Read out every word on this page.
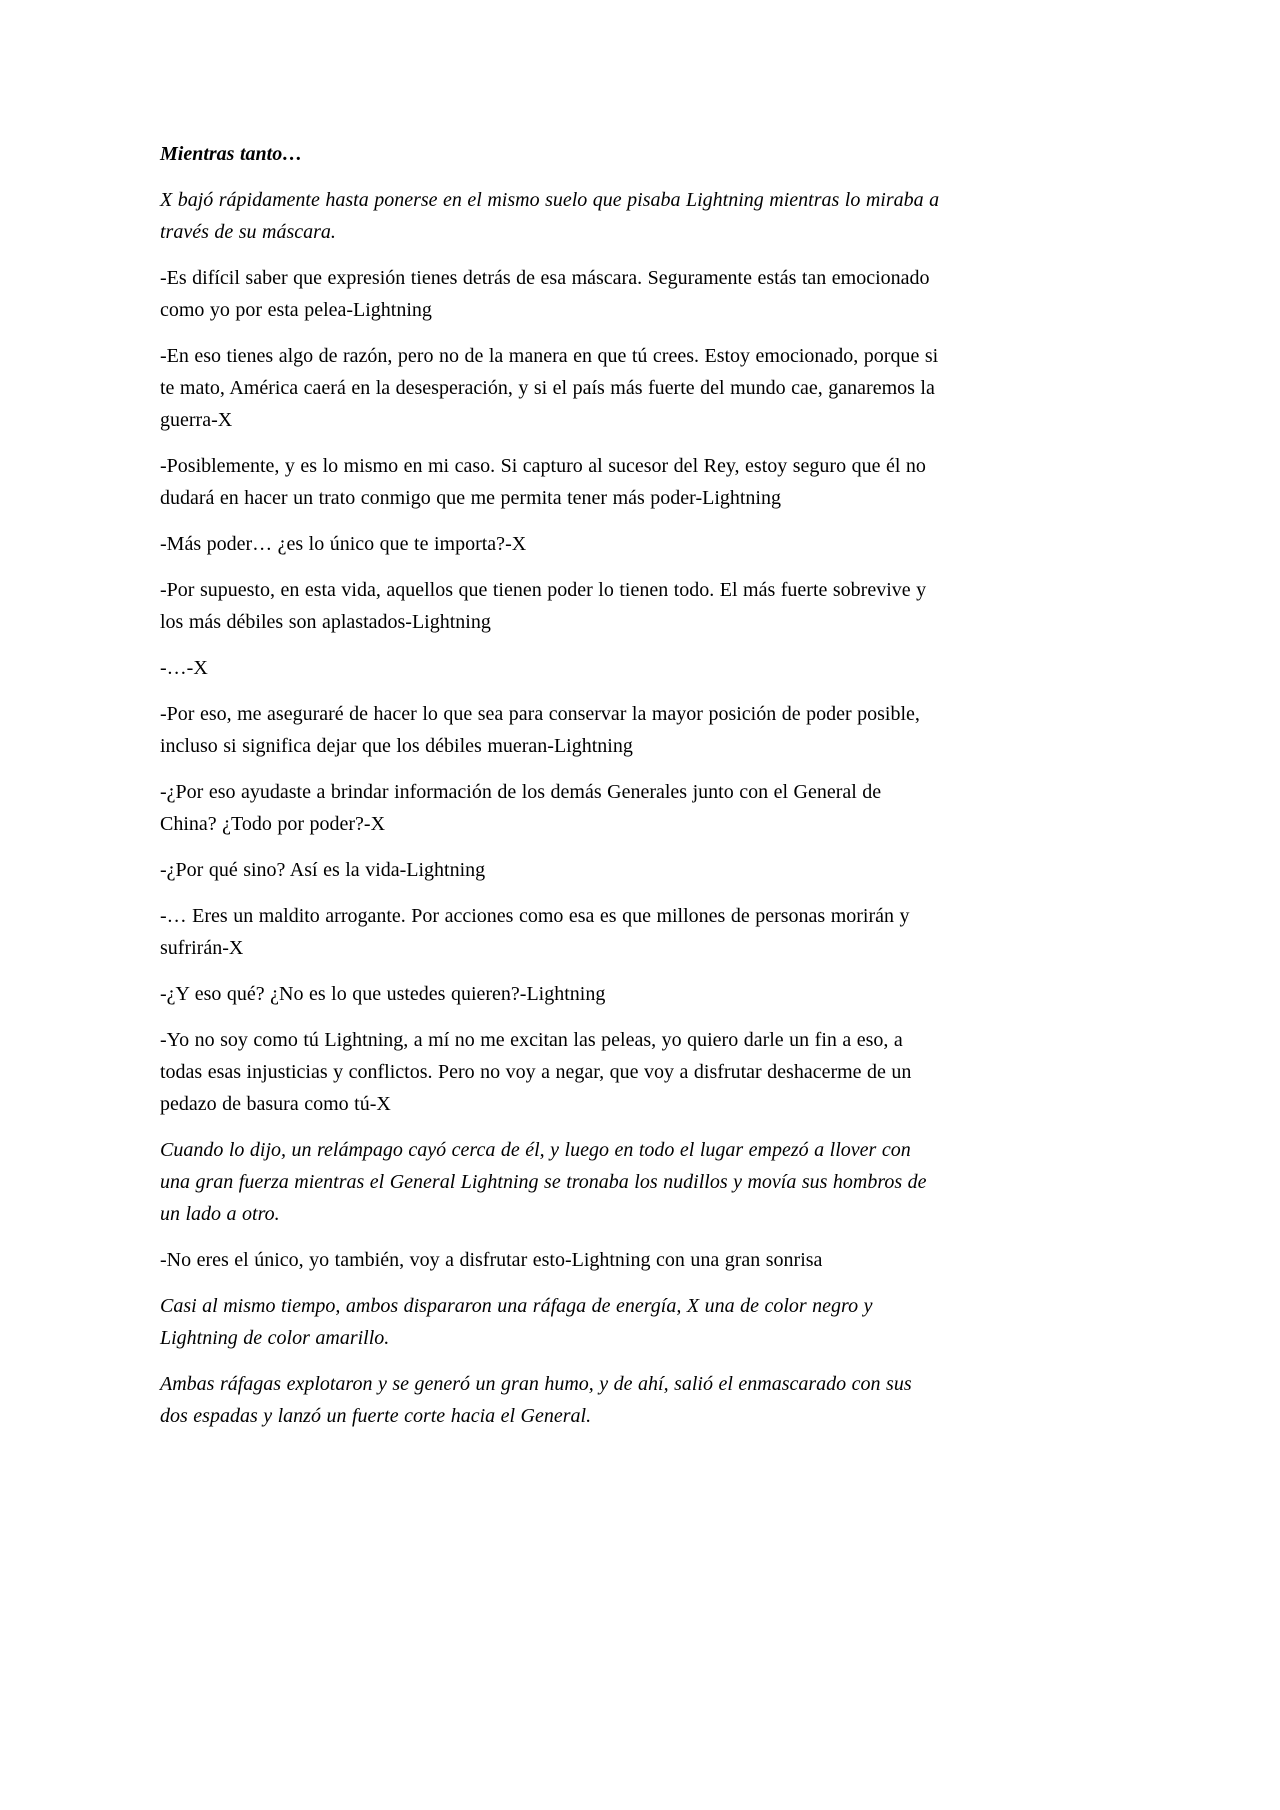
Mientras tanto…

X bajó rápidamente hasta ponerse en el mismo suelo que pisaba Lightning mientras lo miraba a través de su máscara.

-Es difícil saber que expresión tienes detrás de esa máscara. Seguramente estás tan emocionado como yo por esta pelea-Lightning

-En eso tienes algo de razón, pero no de la manera en que tú crees. Estoy emocionado, porque si te mato, América caerá en la desesperación, y si el país más fuerte del mundo cae, ganaremos la guerra-X

-Posiblemente, y es lo mismo en mi caso. Si capturo al sucesor del Rey, estoy seguro que él no dudará en hacer un trato conmigo que me permita tener más poder-Lightning

-Más poder… ¿es lo único que te importa?-X

-Por supuesto, en esta vida, aquellos que tienen poder lo tienen todo. El más fuerte sobrevive y los más débiles son aplastados-Lightning

-…-X

-Por eso, me aseguraré de hacer lo que sea para conservar la mayor posición de poder posible, incluso si significa dejar que los débiles mueran-Lightning

-¿Por eso ayudaste a brindar información de los demás Generales junto con el General de China? ¿Todo por poder?-X

-¿Por qué sino? Así es la vida-Lightning

-… Eres un maldito arrogante. Por acciones como esa es que millones de personas morirán y sufrirán-X

-¿Y eso qué? ¿No es lo que ustedes quieren?-Lightning

-Yo no soy como tú Lightning, a mí no me excitan las peleas, yo quiero darle un fin a eso, a todas esas injusticias y conflictos. Pero no voy a negar, que voy a disfrutar deshacerme de un pedazo de basura como tú-X

Cuando lo dijo, un relámpago cayó cerca de él, y luego en todo el lugar empezó a llover con una gran fuerza mientras el General Lightning se tronaba los nudillos y movía sus hombros de un lado a otro.

-No eres el único, yo también, voy a disfrutar esto-Lightning con una gran sonrisa

Casi al mismo tiempo, ambos dispararon una ráfaga de energía, X una de color negro y Lightning de color amarillo.

Ambas ráfagas explotaron y se generó un gran humo, y de ahí, salió el enmascarado con sus dos espadas y lanzó un fuerte corte hacia el General.
